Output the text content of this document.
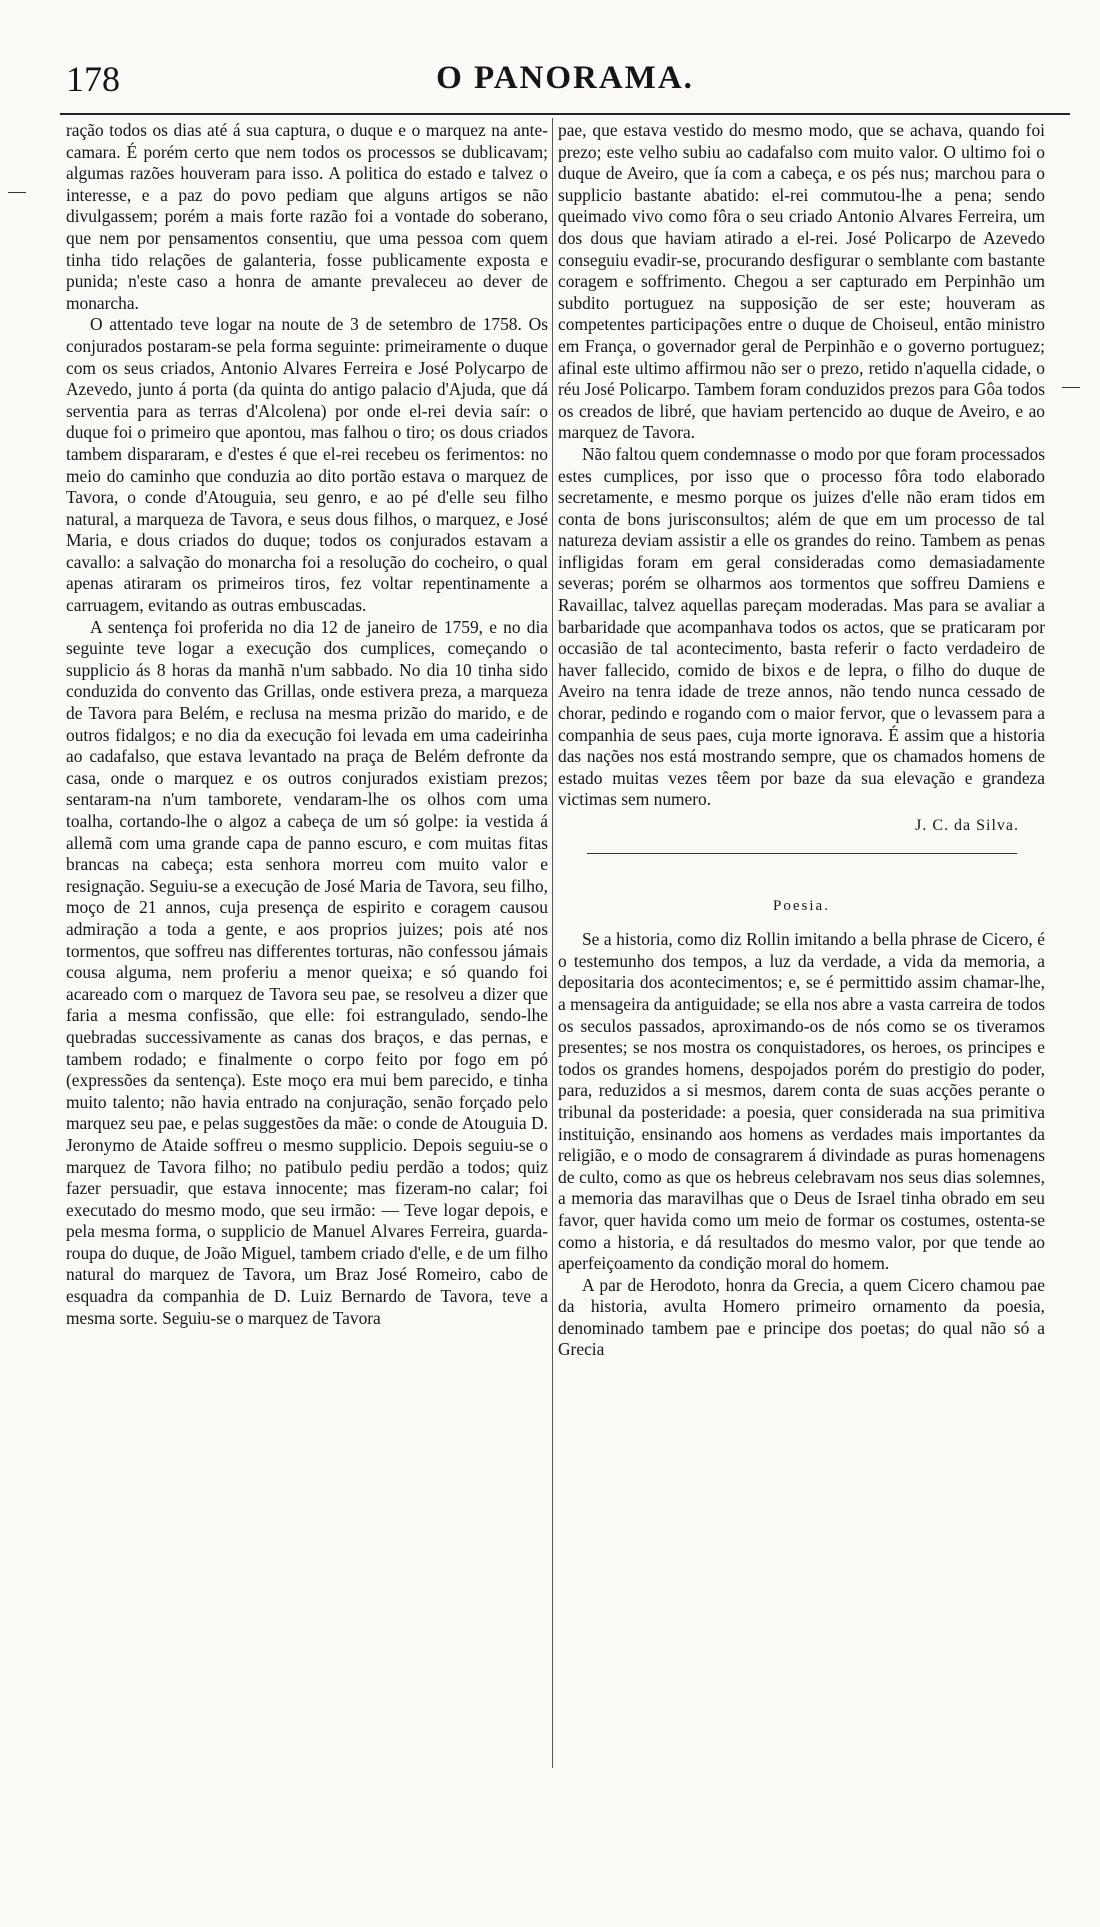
178	O PANORAMA.

ração todos os dias até á sua captura, o duque e o marquez na ante-camara. É porém certo que nem todos os processos se dublicavam; algumas razões houveram para isso. A politica do estado e talvez o interesse, e a paz do povo pediam que alguns artigos se não divulgassem; porém a mais forte razão foi a vontade do soberano, que nem por pensamentos consentiu, que uma pessoa com quem tinha tido relações de galanteria, fosse publicamente exposta e punida; n'este caso a honra de amante prevaleceu ao dever de monarcha.

O attentado teve logar na noute de 3 de setembro de 1758. Os conjurados postaram-se pela forma seguinte: primeiramente o duque com os seus criados, Antonio Alvares Ferreira e José Polycarpo de Azevedo, junto á porta (da quinta do antigo palacio d'Ajuda, que dá serventia para as terras d'Alcolena) por onde el-rei devia saír: o duque foi o primeiro que apontou, mas falhou o tiro; os dous criados tambem dispararam, e d'estes é que el-rei recebeu os ferimentos: no meio do caminho que conduzia ao dito portão estava o marquez de Tavora, o conde d'Atouguia, seu genro, e ao pé d'elle seu filho natural, a marqueza de Tavora, e seus dous filhos, o marquez, e José Maria, e dous criados do duque; todos os conjurados estavam a cavallo: a salvação do monarcha foi a resolução do cocheiro, o qual apenas atiraram os primeiros tiros, fez voltar repentinamente a carruagem, evitando as outras embuscadas.

A sentença foi proferida no dia 12 de janeiro de 1759, e no dia seguinte teve logar a execução dos cumplices, começando o supplicio ás 8 horas da manhã n'um sabbado. No dia 10 tinha sido conduzida do convento das Grillas, onde estivera preza, a marqueza de Tavora para Belém, e reclusa na mesma prizão do marido, e de outros fidalgos; e no dia da execução foi levada em uma cadeirinha ao cadafalso, que estava levantado na praça de Belém defronte da casa, onde o marquez e os outros conjurados existiam prezos; sentaram-na n'um tamborete, vendaram-lhe os olhos com uma toalha, cortando-lhe o algoz a cabeça de um só golpe: ia vestida á allemã com uma grande capa de panno escuro, e com muitas fitas brancas na cabeça; esta senhora morreu com muito valor e resignação. Seguiu-se a execução de José Maria de Tavora, seu filho, moço de 21 annos, cuja presença de espirito e coragem causou admiração a toda a gente, e aos proprios juizes; pois até nos tormentos, que soffreu nas differentes torturas, não confessou jámais cousa alguma, nem proferiu a menor queixa; e só quando foi acareado com o marquez de Tavora seu pae, se resolveu a dizer que faria a mesma confissão, que elle: foi estrangulado, sendo-lhe quebradas successivamente as canas dos braços, e das pernas, e tambem rodado; e finalmente o corpo feito por fogo em pó (expressões da sentença). Este moço era mui bem parecido, e tinha muito talento; não havia entrado na conjuração, senão forçado pelo marquez seu pae, e pelas suggestões da mãe: o conde de Atouguia D. Jeronymo de Ataide soffreu o mesmo supplicio. Depois seguiu-se o marquez de Tavora filho; no patibulo pediu perdão a todos; quiz fazer persuadir, que estava innocente; mas fizeram-no calar; foi executado do mesmo modo, que seu irmão: — Teve logar depois, e pela mesma forma, o supplicio de Manuel Alvares Ferreira, guarda-roupa do duque, de João Miguel, tambem criado d'elle, e de um filho natural do marquez de Tavora, um Braz José Romeiro, cabo de esquadra da companhia de D. Luiz Bernardo de Tavora, teve a mesma sorte. Seguiu-se o marquez de Tavora

pae, que estava vestido do mesmo modo, que se achava, quando foi prezo; este velho subiu ao cadafalso com muito valor. O ultimo foi o duque de Aveiro, que ía com a cabeça, e os pés nus; marchou para o supplicio bastante abatido: el-rei commutou-lhe a pena; sendo queimado vivo como fôra o seu criado Antonio Alvares Ferreira, um dos dous que haviam atirado a el-rei. José Policarpo de Azevedo conseguiu evadir-se, procurando desfigurar o semblante com bastante coragem e soffrimento. Chegou a ser capturado em Perpinhão um subdito portuguez na supposição de ser este; houveram as competentes participações entre o duque de Choiseul, então ministro em França, o governador geral de Perpinhão e o governo portuguez; afinal este ultimo affirmou não ser o prezo, retido n'aquella cidade, o réu José Policarpo. Tambem foram conduzidos prezos para Gôa todos os creados de libré, que haviam pertencido ao duque de Aveiro, e ao marquez de Tavora.

Não faltou quem condemnasse o modo por que foram processados estes cumplices, por isso que o processo fôra todo elaborado secretamente, e mesmo porque os juizes d'elle não eram tidos em conta de bons jurisconsultos; além de que em um processo de tal natureza deviam assistir a elle os grandes do reino. Tambem as penas infligidas foram em geral consideradas como demasiadamente severas; porém se olharmos aos tormentos que soffreu Damiens e Ravaillac, talvez aquellas pareçam moderadas. Mas para se avaliar a barbaridade que acompanhava todos os actos, que se praticaram por occasião de tal acontecimento, basta referir o facto verdadeiro de haver fallecido, comido de bixos e de lepra, o filho do duque de Aveiro na tenra idade de treze annos, não tendo nunca cessado de chorar, pedindo e rogando com o maior fervor, que o levassem para a companhia de seus paes, cuja morte ignorava. É assim que a historia das nações nos está mostrando sempre, que os chamados homens de estado muitas vezes têem por baze da sua elevação e grandeza victimas sem numero.

J. C. da Silva.
Poesia.

Se a historia, como diz Rollin imitando a bella phrase de Cicero, é o testemunho dos tempos, a luz da verdade, a vida da memoria, a depositaria dos acontecimentos; e, se é permittido assim chamar-lhe, a mensageira da antiguidade; se ella nos abre a vasta carreira de todos os seculos passados, aproximando-os de nós como se os tiveramos presentes; se nos mostra os conquistadores, os heroes, os principes e todos os grandes homens, despojados porém do prestigio do poder, para, reduzidos a si mesmos, darem conta de suas acções perante o tribunal da posteridade: a poesia, quer considerada na sua primitiva instituição, ensinando aos homens as verdades mais importantes da religião, e o modo de consagrarem á divindade as puras homenagens de culto, como as que os hebreus celebravam nos seus dias solemnes, a memoria das maravilhas que o Deus de Israel tinha obrado em seu favor, quer havida como um meio de formar os costumes, ostenta-se como a historia, e dá resultados do mesmo valor, por que tende ao aperfeiçoamento da condição moral do homem.

A par de Herodoto, honra da Grecia, a quem Cicero chamou pae da historia, avulta Homero primeiro ornamento da poesia, denominado tambem pae e principe dos poetas; do qual não só a Grecia
